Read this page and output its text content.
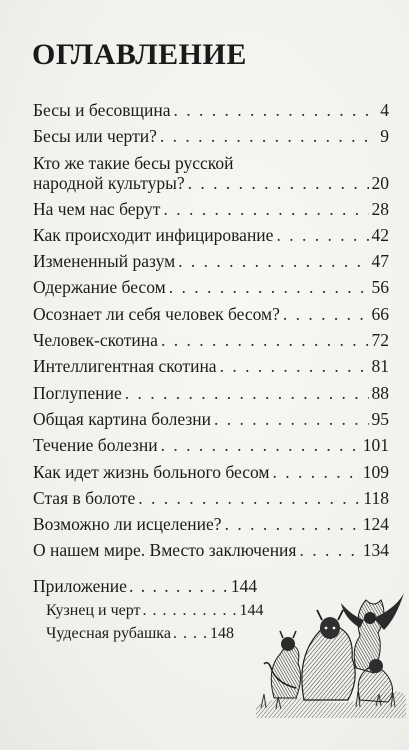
ОГЛАВЛЕНИЕ
Бесы и бесовщина . . .	4
Бесы или черти? . . .	9
Кто же такие бесы русской
народной культуры? . . .	20
На чем нас берут . . .	28
Как происходит инфицирование . . .	42
Измененный разум . . .	47
Одержание бесом . . .	56
Осознает ли себя человек бесом? . . .	66
Человек-скотина . . .	72
Интеллигентная скотина . . .	81
Поглупение . . .	88
Общая картина болезни . . .	95
Течение болезни . . .	101
Как идет жизнь больного бесом . . .	109
Стая в болоте . . .	118
Возможно ли исцеление? . . .	124
О нашем мире. Вместо заключения . . .	134
Приложение . . . . . . . . . 144
Кузнец и черт . . . . . . . . . . 144
Чудесная рубашка . . . . 148
